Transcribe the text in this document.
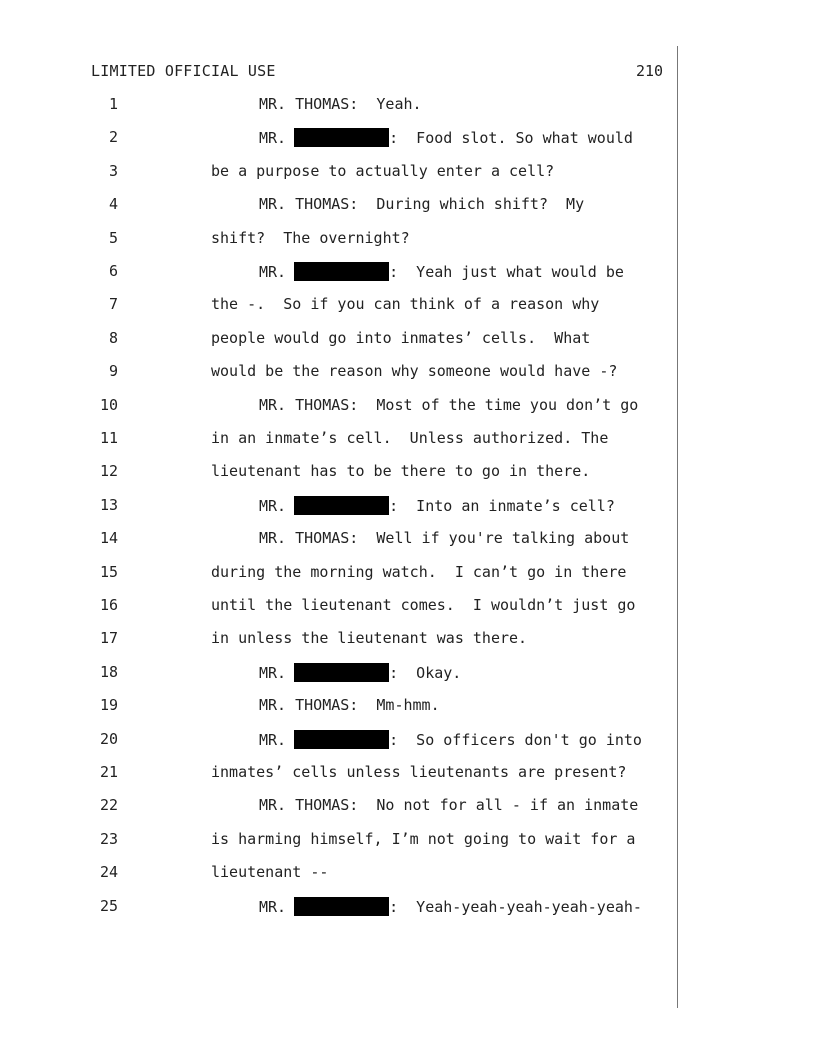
LIMITED OFFICIAL USE	210
1	MR. THOMAS:  Yeah.
2	MR.	:  Food slot. So what would
3	be a purpose to actually enter a cell?
4	MR. THOMAS:  During which shift?  My
5	shift?  The overnight?
6	MR.	:  Yeah just what would be
7	the -.  So if you can think of a reason why
8	people would go into inmates’ cells.  What
9	would be the reason why someone would have -?
10	MR. THOMAS:  Most of the time you don’t go
11	in an inmate’s cell.  Unless authorized. The
12	lieutenant has to be there to go in there.
13	MR.	:  Into an inmate’s cell?
14	MR. THOMAS:  Well if you're talking about
15	during the morning watch.  I can’t go in there
16	until the lieutenant comes.  I wouldn’t just go
17	in unless the lieutenant was there.
18	MR.	:  Okay.
19	MR. THOMAS:  Mm-hmm.
20	MR.	:  So officers don't go into
21	inmates’ cells unless lieutenants are present?
22	MR. THOMAS:  No not for all - if an inmate
23	is harming himself, I’m not going to wait for a
24	lieutenant --
25	MR.	:  Yeah-yeah-yeah-yeah-yeah-
